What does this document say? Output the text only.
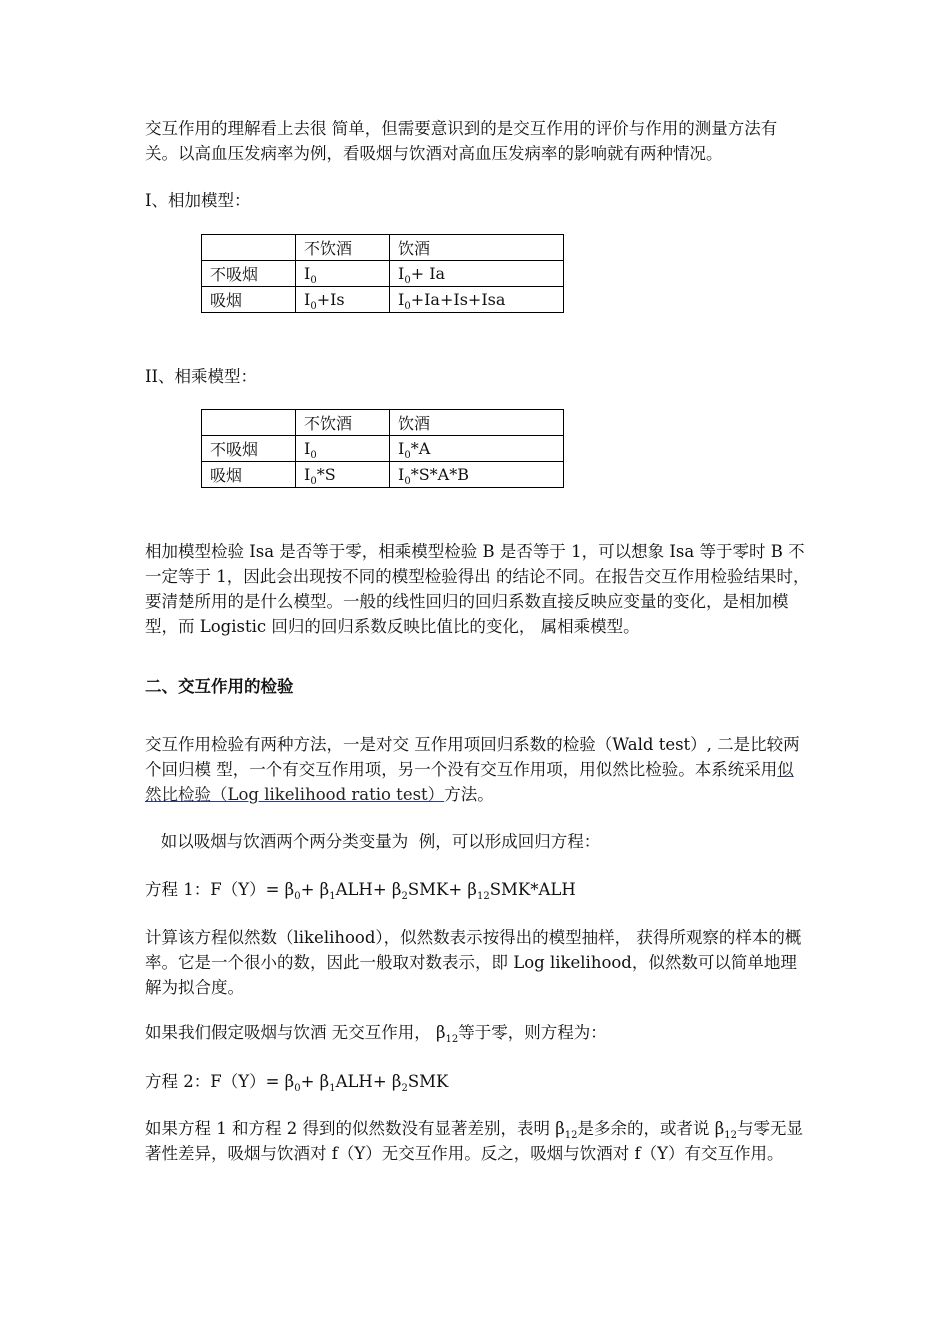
交互作用的理解看上去很 简单，但需要意识到的是交互作用的评价与作用的测量方法有关。以高血压发病率为例，看吸烟与饮酒对高血压发病率的影响就有两种情况。

I、相加模型：

	不饮酒	饮酒
不吸烟	$I_0$	$I_0+ Ia$
吸烟	$I_0+Is$	$I_0+Ia+Is+Isa$

II、相乘模型：

	不饮酒	饮酒
不吸烟	$I_0$	$I_0*A$
吸烟	$I_0*S$	$I_0*S*A*B$

相加模型检验 Isa 是否等于零，相乘模型检验 B 是否等于 1，可以想象 Isa 等于零时 B 不一定等于 1，因此会出现按不同的模型检验得出 的结论不同。在报告交互作用检验结果时，要清楚所用的是什么模型。一般的线性回归的回归系数直接反映应变量的变化，是相加模型，而 Logistic 回归的回归系数反映比值比的变化， 属相乘模型。

二、交互作用的检验

交互作用检验有两种方法，一是对交 互作用项回归系数的检验（Wald test）, 二是比较两个回归模 型，一个有交互作用项，另一个没有交互作用项，用似然比检验。本系统采用似然比检验（Log likelihood ratio test）方法。

如以吸烟与饮酒两个两分类变量为  例，可以形成回归方程：

方程 1：$F(Y)= \beta_0+ \beta_1ALH+ \beta_2SMK+ \beta_{12}SMK*ALH$

计算该方程似然数（likelihood），似然数表示按得出的模型抽样， 获得所观察的样本的概率。它是一个很小的数，因此一般取对数表示，即 Log likelihood，似然数可以简单地理解为拟合度。

如果我们假定吸烟与饮酒 无交互作用， $\beta_{12}$等于零，则方程为：

方程 2：$F(Y)= \beta_0+ \beta_1ALH+ \beta_2SMK$

如果方程 1 和方程 2 得到的似然数没有显著差别，表明 $\beta_{12}$是多余的，或者说 $\beta_{12}$与零无显著性差异，吸烟与饮酒对 f（Y）无交互作用。反之，吸烟与饮酒对 f（Y）有交互作用。
